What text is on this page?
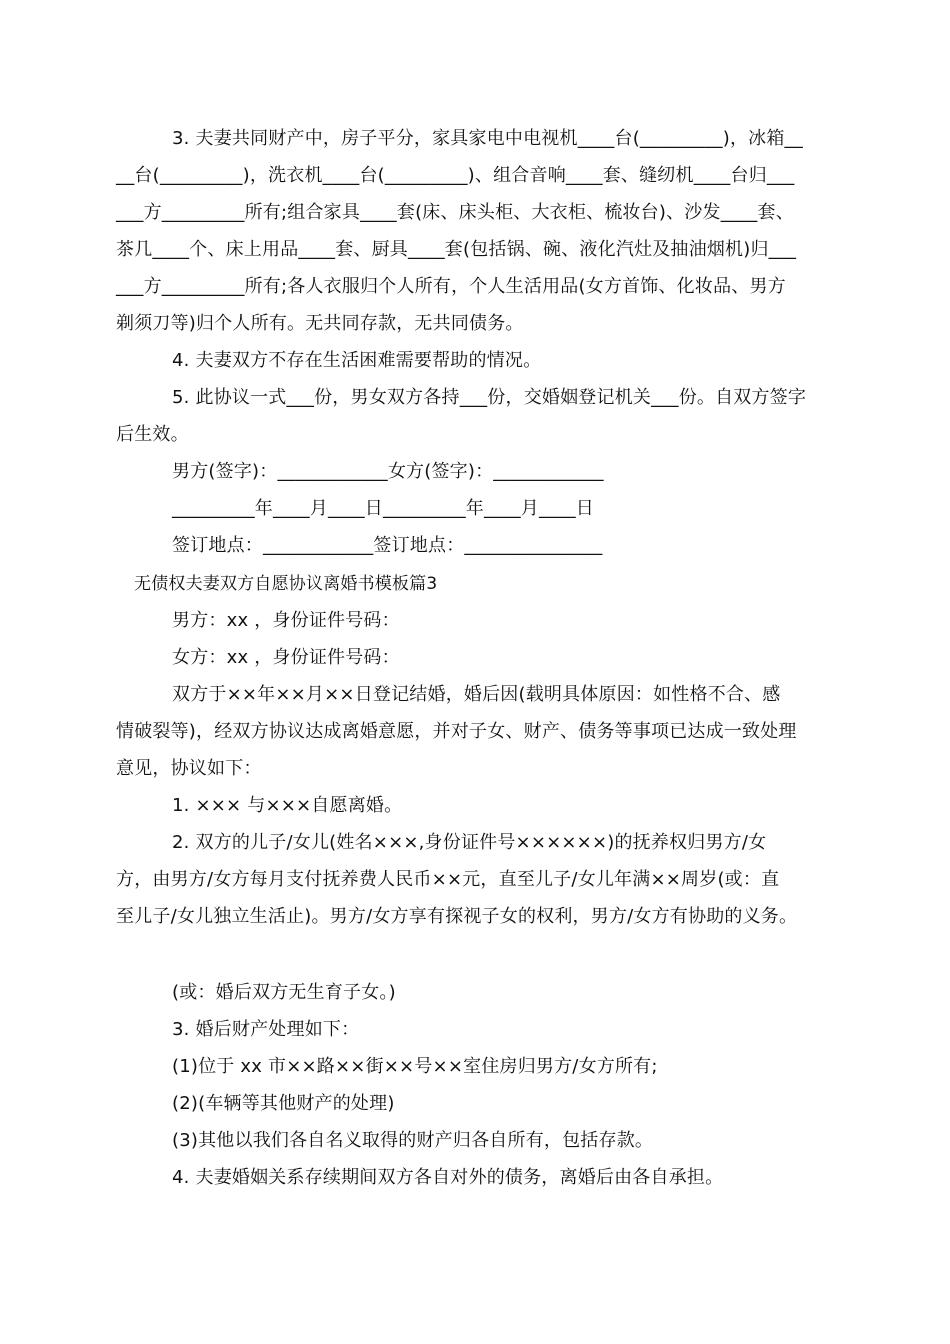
3. 夫妻共同财产中，房子平分，家具家电中电视机____台(_________)，冰箱__
__台(_________)，洗衣机____台(_________)、组合音响____套、缝纫机____台归___
___方_________所有;组合家具____套(床、床头柜、大衣柜、梳妆台)、沙发____套、
茶几____个、床上用品____套、厨具____套(包括锅、碗、液化汽灶及抽油烟机)归___
___方_________所有;各人衣服归个人所有，个人生活用品(女方首饰、化妆品、男方
剃须刀等)归个人所有。无共同存款，无共同债务。
4. 夫妻双方不存在生活困难需要帮助的情况。
5. 此协议一式___份，男女双方各持___份，交婚姻登记机关___份。自双方签字
后生效。
男方(签字)：____________女方(签字)：____________
_________年____月____日_________年____月____日
签订地点：____________签订地点：_______________
无债权夫妻双方自愿协议离婚书模板篇3
男方：xx ，身份证件号码：
女方：xx ，身份证件号码：
双方于××年××月××日登记结婚，婚后因(载明具体原因：如性格不合、感
情破裂等)，经双方协议达成离婚意愿，并对子女、财产、债务等事项已达成一致处理
意见，协议如下：
1. ××× 与×××自愿离婚。
2. 双方的儿子/女儿(姓名×××,身份证件号××××××)的抚养权归男方/女
方，由男方/女方每月支付抚养费人民币××元，直至儿子/女儿年满××周岁(或：直
至儿子/女儿独立生活止)。男方/女方享有探视子女的权利，男方/女方有协助的义务。
(或：婚后双方无生育子女。)
3. 婚后财产处理如下：
(1)位于 xx 市××路××街××号××室住房归男方/女方所有;
(2)(车辆等其他财产的处理)
(3)其他以我们各自名义取得的财产归各自所有，包括存款。
4. 夫妻婚姻关系存续期间双方各自对外的债务，离婚后由各自承担。
